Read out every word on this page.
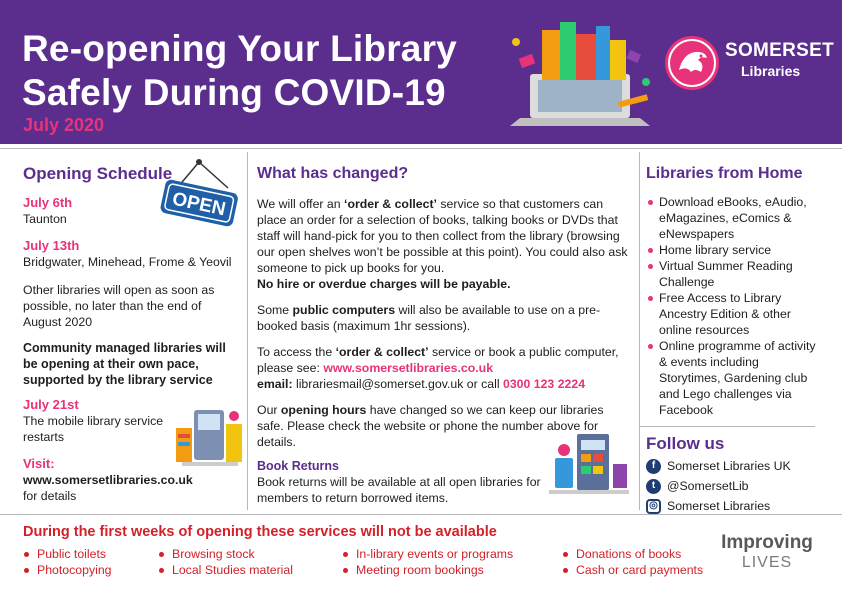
Re-opening Your Library
Safely During COVID-19
July 2020
SOMERSET
Libraries
Opening Schedule
July 6th
Taunton
July 13th
Bridgwater, Minehead, Frome & Yeovil
Other libraries will open as soon as possible, no later than the end of August 2020
Community managed libraries will be opening at their own pace, supported by the library service
July 21st
The mobile library service restarts
Visit:
www.somersetlibraries.co.uk
for details
OPEN
What has changed?
We will offer an ‘order & collect’ service so that customers can place an order for a selection of books, talking books or DVDs that staff will hand-pick for you to then collect from the library (browsing our open shelves won’t be possible at this point). You could also ask someone to pick up books for you.
No hire or overdue charges will be payable.
Some public computers will also be available to use on a pre-booked basis (maximum 1hr sessions).
To access the ‘order & collect’ service or book a public computer, please see: www.somersetlibraries.co.uk
email: librariesmail@somerset.gov.uk or call 0300 123 2224
Our opening hours have changed so we can keep our libraries safe. Please check the website or phone the number above for details.
Book Returns
Book returns will be available at all open libraries for members to return borrowed items.
Libraries from Home
Download eBooks, eAudio, eMagazines, eComics & eNewspapers
Home library service
Virtual Summer Reading Challenge
Free Access to Library Ancestry Edition & other online resources
Online programme of activity & events including Storytimes, Gardening club and Lego challenges via Facebook
Follow us
f Somerset Libraries UK
t @SomersetLib
◎ Somerset Libraries
During the first weeks of opening these services will not be available
Public toilets
Photocopying
Browsing stock
Local Studies material
In-library events or programs
Meeting room bookings
Donations of books
Cash or card payments
Improving
LIVES
